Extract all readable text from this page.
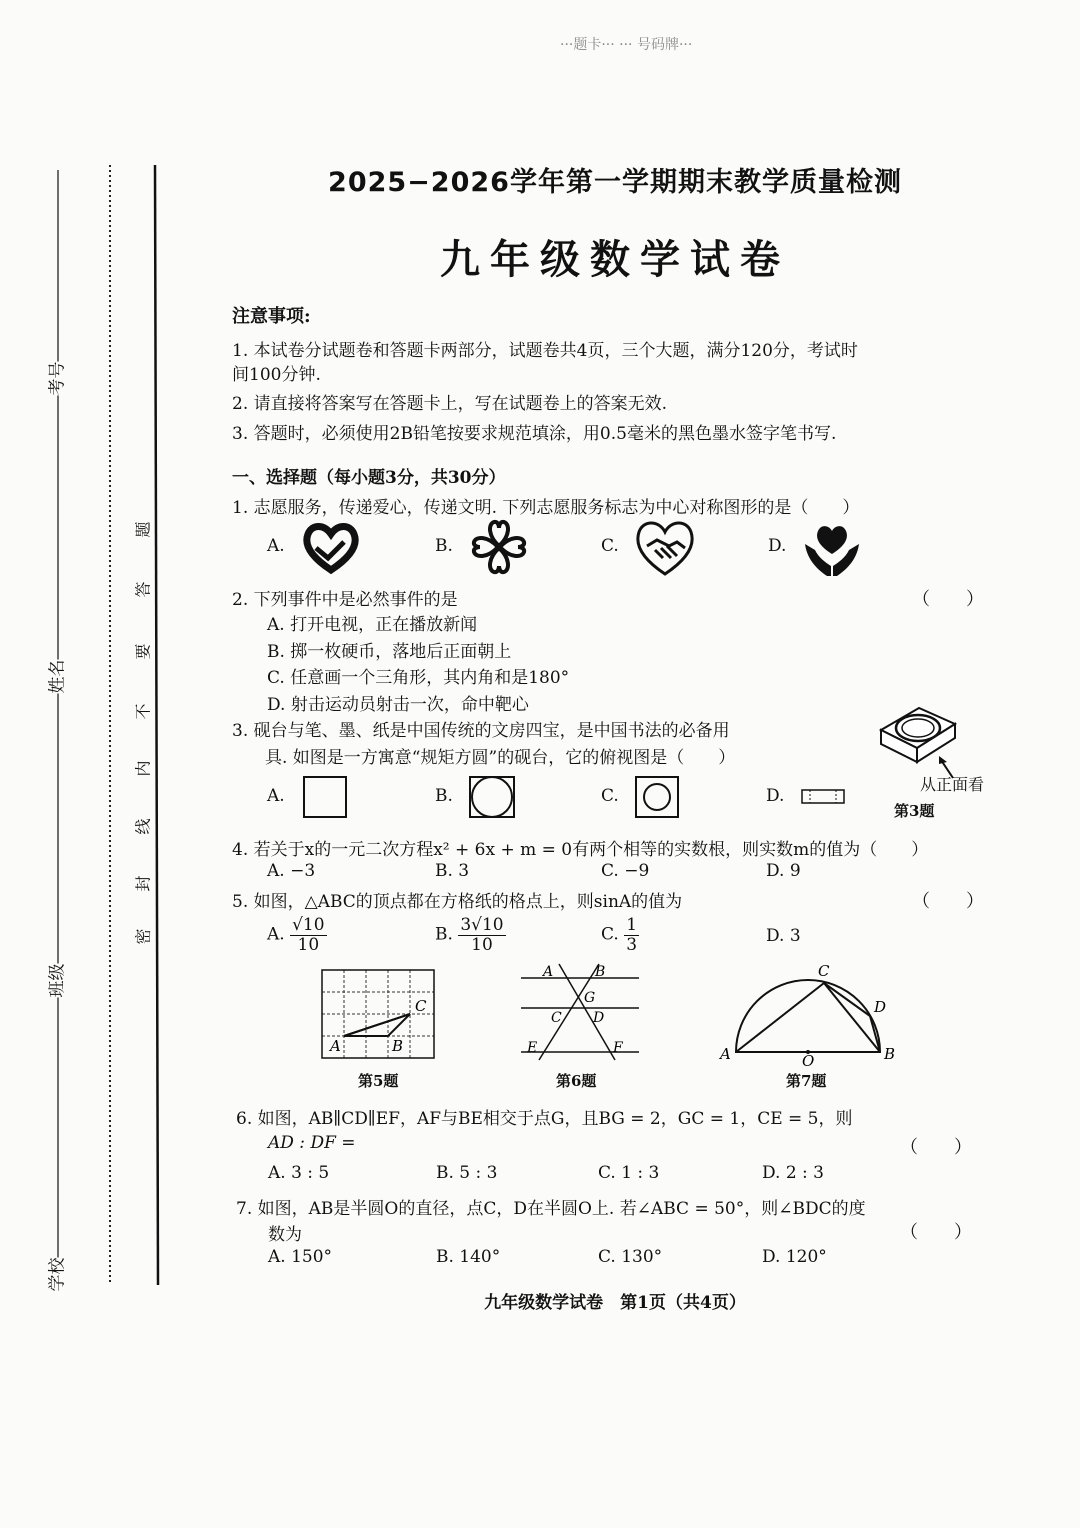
···题卡··· ··· 号码牌···
考号
姓名
班级
学校
密
封
线
内
不
要
答
题
2025−2026学年第一学期期末教学质量检测
九年级数学试卷
注意事项:
1. 本试卷分试题卷和答题卡两部分，试题卷共4页，三个大题，满分120分，考试时
间100分钟.
2. 请直接将答案写在答题卡上，写在试题卷上的答案无效.
3. 答题时，必须使用2B铅笔按要求规范填涂，用0.5毫米的黑色墨水签字笔书写.
一、选择题（每小题3分，共30分）
1. 志愿服务，传递爱心，传递文明. 下列志愿服务标志为中心对称图形的是（　　）
A.	B.	C.	D.
2. 下列事件中是必然事件的是	（　　）
A. 打开电视，正在播放新闻
B. 掷一枚硬币，落地后正面朝上
C. 任意画一个三角形，其内角和是180°
D. 射击运动员射击一次，命中靶心
3. 砚台与笔、墨、纸是中国传统的文房四宝，是中国书法的必备用
具. 如图是一方寓意“规矩方圆”的砚台，它的俯视图是（　　）
从正面看
第3题
A.	B.	C.	D.
4. 若关于x的一元二次方程x² + 6x + m = 0有两个相等的实数根，则实数m的值为（　　）
A. −3	B. 3	C. −9	D. 9
5. 如图，△ABC的顶点都在方格纸的格点上，则sinA的值为	（　　）
A. $\frac{√10}{10}$	B. $\frac{3√10}{10}$	C. $\frac{1}{3}$	D. 3
A	B
C
第5题
A	B
G
C D
E	F
第6题
C
D
A	O	B
第7题
6. 如图，AB∥CD∥EF，AF与BE相交于点G，且BG = 2，GC = 1，CE = 5，则
AD : DF =	（　　）
A. 3 : 5	B. 5 : 3	C. 1 : 3	D. 2 : 3
7. 如图，AB是半圆O的直径，点C，D在半圆O上. 若∠ABC = 50°，则∠BDC的度
数为	（　　）
A. 150°	B. 140°	C. 130°	D. 120°
九年级数学试卷　第1页（共4页）
